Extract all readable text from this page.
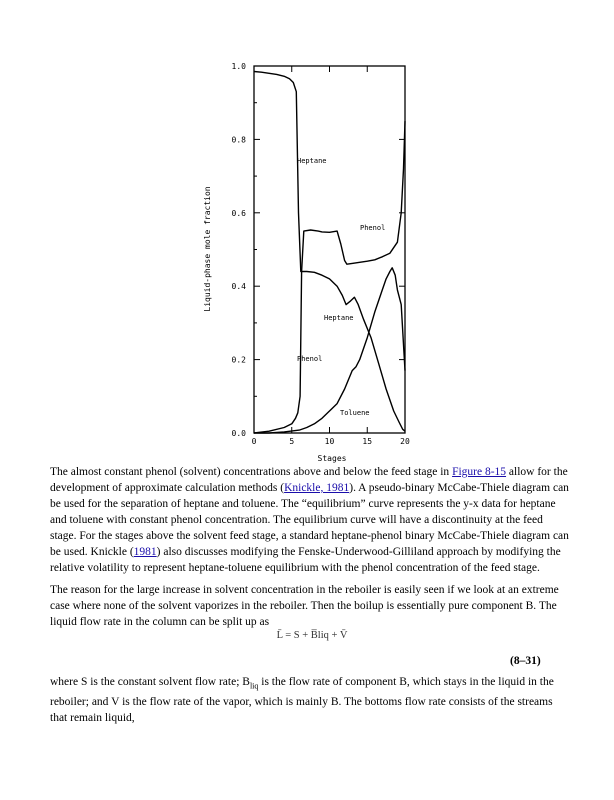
0.0
0.2
0.4
0.6
0.8
1.0
0	5	10	15	20
Liquid-phase mole fraction
Stages
Heptane
Phenol
Heptane
Phenol
Toluene

The almost constant phenol (solvent) concentrations above and below the feed stage in Figure 8-15 allow for the development of approximate calculation methods (Knickle, 1981). A pseudo-binary McCabe-Thiele diagram can be used for the separation of heptane and toluene. The “equilibrium” curve represents the y-x data for heptane and toluene with constant phenol concentration. The equilibrium curve will have a discontinuity at the feed stage. For the stages above the solvent feed stage, a standard heptane-phenol binary McCabe-Thiele diagram can be used. Knickle (1981) also discusses modifying the Fenske-Underwood-Gilliland approach by modifying the relative volatility to represent heptane-toluene equilibrium with the phenol concentration of the feed stage.

The reason for the large increase in solvent concentration in the reboiler is easily seen if we look at an extreme case where none of the solvent vaporizes in the reboiler. Then the boilup is essentially pure component B. The liquid flow rate in the column can be split up as

L̄ = S + B̅liq + V̄
(8–31)

where S is the constant solvent flow rate; $B_{liq}$ is the flow rate of component B, which stays in the liquid in the reboiler; and V is the flow rate of the vapor, which is mainly B. The bottoms flow rate consists of the streams that remain liquid,
